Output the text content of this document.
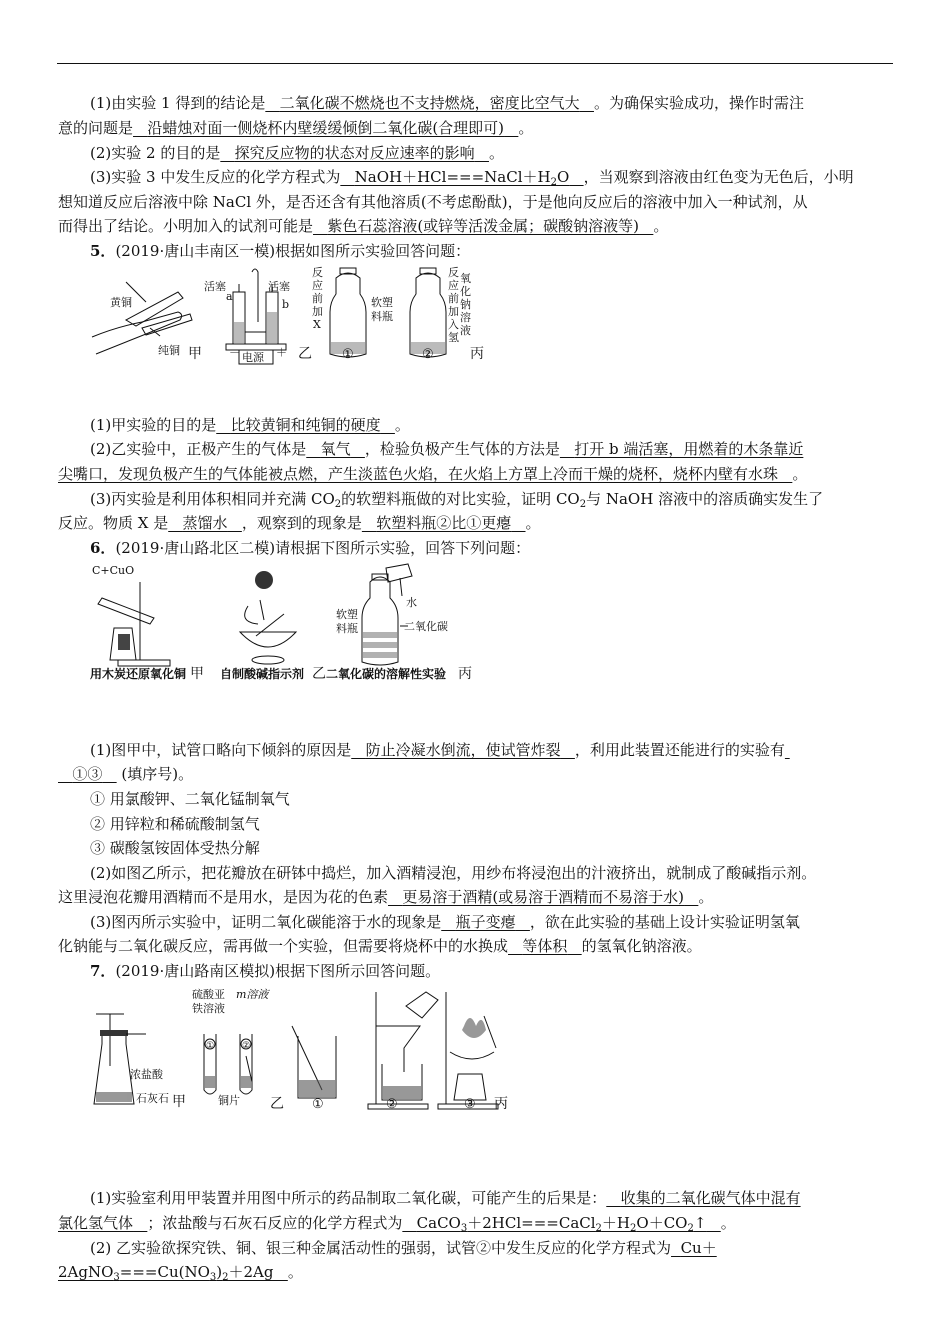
(1)由实验 1 得到的结论是 二氧化碳不燃烧也不支持燃烧，密度比空气大 。为确保实验成功，操作时需注
意的问题是 沿蜡烛对面一侧烧杯内壁缓缓倾倒二氧化碳(合理即可) 。
(2)实验 2 的目的是 探究反应物的状态对反应速率的影响 。
(3)实验 3 中发生反应的化学方程式为 $NaOH+HCl===NaCl+H_2O$ ，当观察到溶液由红色变为无色后，小明
想知道反应后溶液中除 NaCl 外，是否还含有其他溶质(不考虑酚酞)，于是他向反应后的溶液中加入一种试剂，从
而得出了结论。小明加入的试剂可能是 紫色石蕊溶液(或锌等活泼金属；碳酸钠溶液等) 。
5．(2019·唐山丰南区一模)根据如图所示实验回答问题：
黄铜
纯铜 甲
活塞	活塞
a
b
－ 电源 ＋ 乙
反
应
前
加
X
软塑
料瓶
①	②
反
应
前
加
入
氢
氧
化
钠
溶
液
丙
(1)甲实验的目的是 比较黄铜和纯铜的硬度 。
(2)乙实验中，正极产生的气体是 氧气 ，检验负极产生气体的方法是 打开 b 端活塞，用燃着的木条靠近
尖嘴口，发现负极产生的气体能被点燃，产生淡蓝色火焰，在火焰上方罩上冷而干燥的烧杯，烧杯内壁有水珠 。
(3)丙实验是利用体积相同并充满 $CO_2$的软塑料瓶做的对比实验，证明 $CO_2$与 NaOH 溶液中的溶质确实发生了
反应。物质 X 是 蒸馏水 ，观察到的现象是 软塑料瓶②比①更瘪 。
6．(2019·唐山路北区二模)请根据下图所示实验，回答下列问题：
C+CuO
水
软塑
料瓶	二氧化碳
用木炭还原氧化铜 甲 自制酸碱指示剂 乙 二氧化碳的溶解性实验 丙
(1)图甲中，试管口略向下倾斜的原因是 防止冷凝水倒流，使试管炸裂 ，利用此装置还能进行的实验有
①③ (填序号)。
① 用氯酸钾、二氧化锰制氧气
② 用锌粒和稀硫酸制氢气
③ 碳酸氢铵固体受热分解
(2)如图乙所示，把花瓣放在研钵中捣烂，加入酒精浸泡，用纱布将浸泡出的汁液挤出，就制成了酸碱指示剂。
这里浸泡花瓣用酒精而不是用水，是因为花的色素 更易溶于酒精(或易溶于酒精而不易溶于水) 。
(3)图丙所示实验中，证明二氧化碳能溶于水的现象是 瓶子变瘪 ，欲在此实验的基础上设计实验证明氢氧
化钠能与二氧化碳反应，需再做一个实验，但需要将烧杯中的水换成 等体积 的氢氧化钠溶液。
7．(2019·唐山路南区模拟)根据下图所示回答问题。
浓盐酸
石灰石 甲
硫酸亚
铁溶液
m溶液
铜片
①	②
乙 ①	②	③ 丙
(1)实验室利用甲装置并用图中所示的药品制取二氧化碳，可能产生的后果是： 收集的二氧化碳气体中混有
氯化氢气体 ；浓盐酸与石灰石反应的化学方程式为 $CaCO_3+2HCl===CaCl_2+H_2O+CO_2↑$ 。
(2) 乙实验欲探究铁、铜、银三种金属活动性的强弱，试管②中发生反应的化学方程式为 Cu＋
$2AgNO_3===Cu(NO_3)_2+2Ag$ 。
